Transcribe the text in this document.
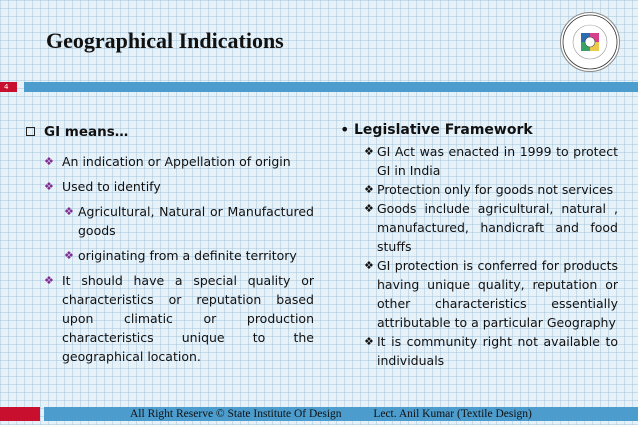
Geographical Indications
4
GI means…
❖ An indication or Appellation of origin
❖ Used to identify
❖ Agricultural, Natural or Manufactured goods
❖ originating from a definite territory
❖ It should have a special quality or characteristics or reputation based upon climatic or production characteristics unique to the geographical location.
• Legislative Framework
❖ GI Act was enacted in 1999 to protect GI in India
❖ Protection only for goods not services
❖ Goods include agricultural, natural , manufactured, handicraft and food stuffs
❖ GI protection is conferred for products having unique quality, reputation or other characteristics essentially attributable to a particular Geography
❖ It is community right not available to individuals
All Right Reserve © State Institute Of Design	Lect. Anil Kumar (Textile Design)
